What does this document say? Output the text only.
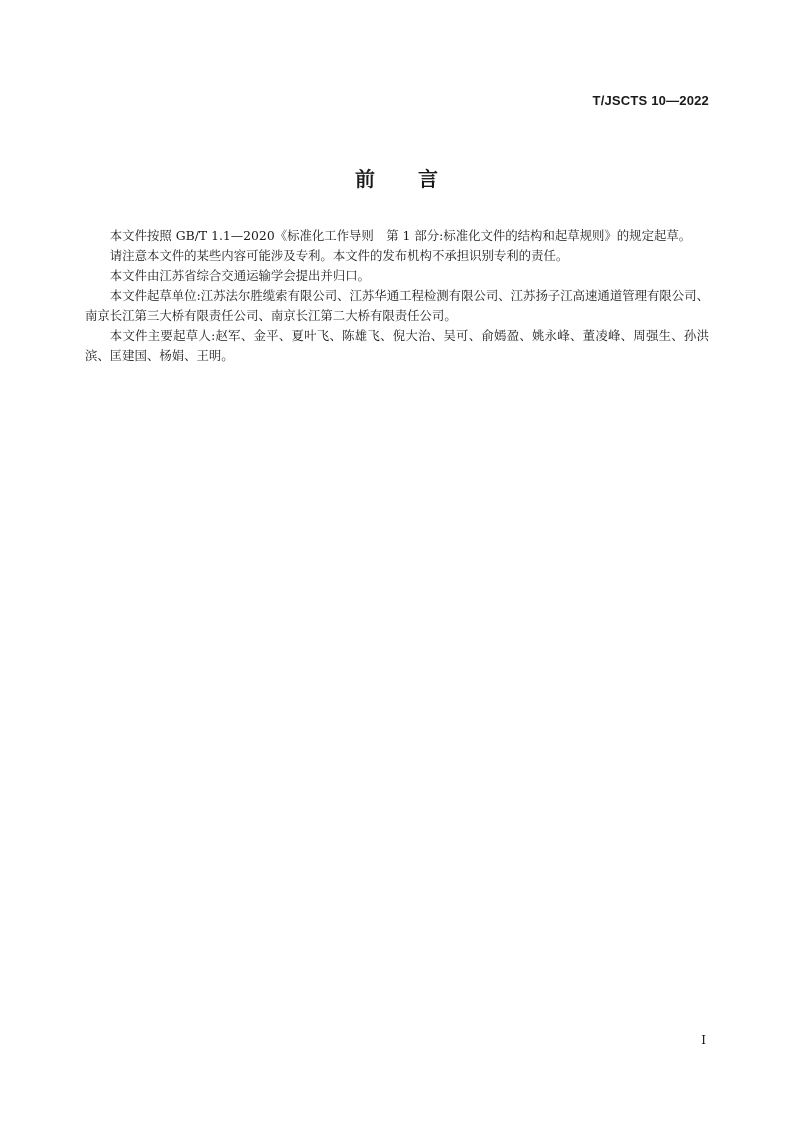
T/JSCTS 10—2022
前 言

本文件按照 GB/T 1.1—2020《标准化工作导则　第 1 部分:标准化文件的结构和起草规则》的规定起草。

请注意本文件的某些内容可能涉及专利。本文件的发布机构不承担识别专利的责任。

本文件由江苏省综合交通运输学会提出并归口。

本文件起草单位:江苏法尔胜缆索有限公司、江苏华通工程检测有限公司、江苏扬子江高速通道管理有限公司、南京长江第三大桥有限责任公司、南京长江第二大桥有限责任公司。

本文件主要起草人:赵军、金平、夏叶飞、陈雄飞、倪大治、吴可、俞嫣盈、姚永峰、董凌峰、周强生、孙洪滨、匡建国、杨娟、王明。

I
